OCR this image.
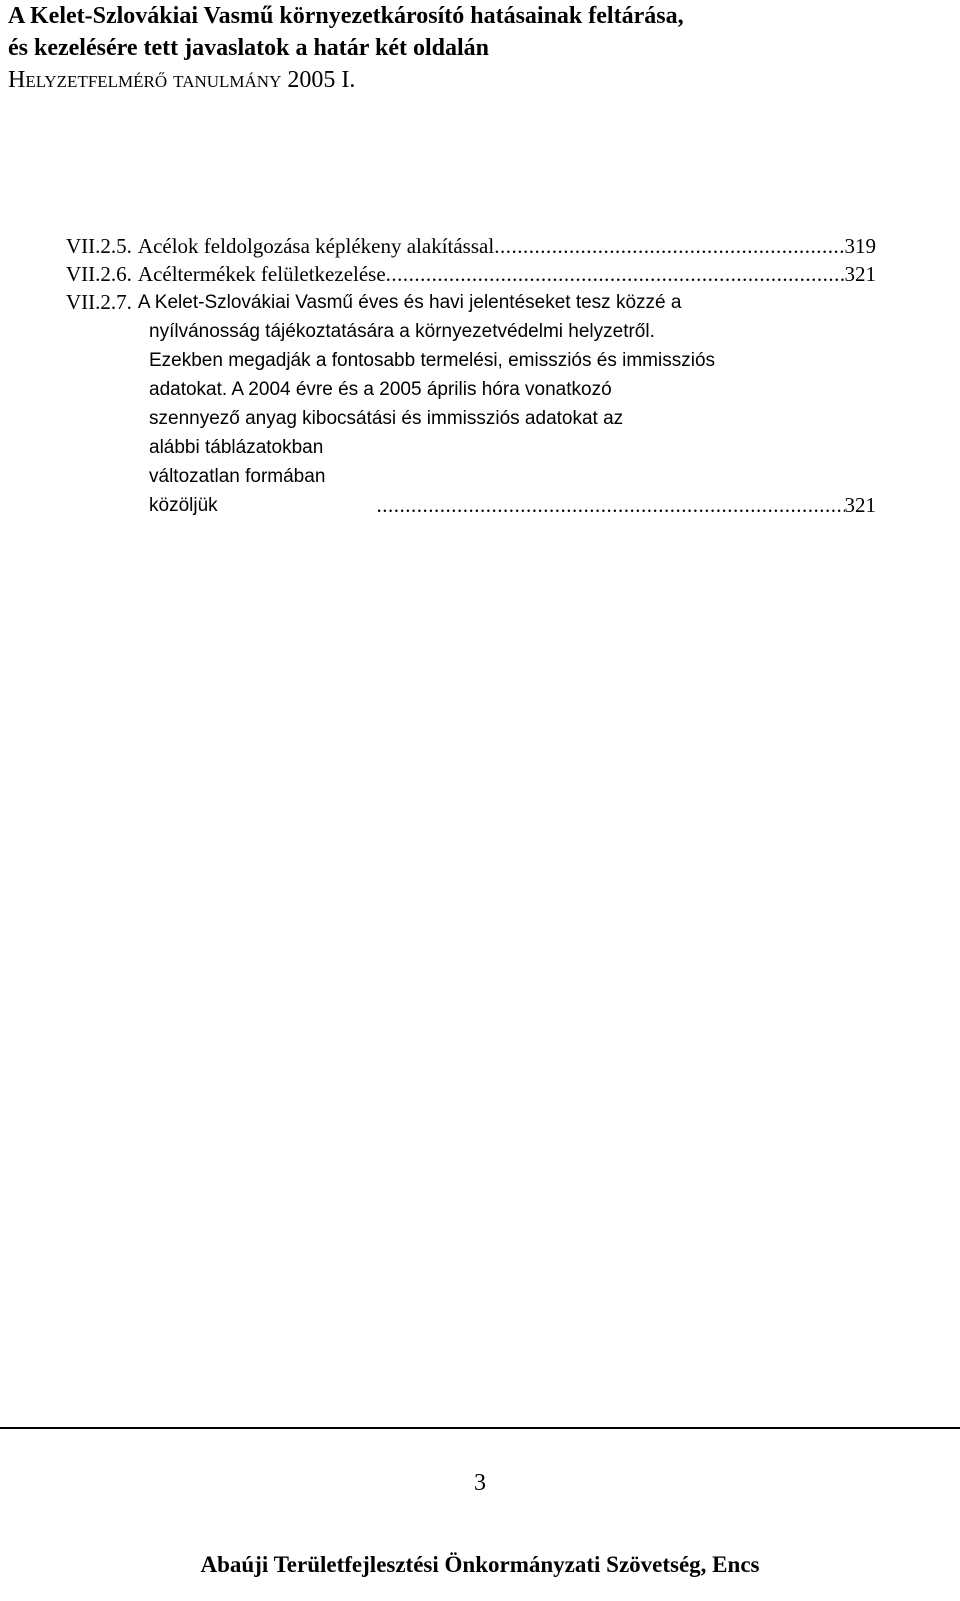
A Kelet-Szlovákiai Vasmű környezetkárosító hatásainak feltárása,
és kezelésére tett javaslatok a határ két oldalán
Helyzetfelmérő tanulmány 2005 I.
VII.2.5. Acélok feldolgozása képlékeny alakítással .....	319
VII.2.6. Acéltermékek felületkezelése .....	321
VII.2.7. A Kelet-Szlovákiai Vasmű éves és havi jelentéseket tesz közzé a
nyílvánosság tájékoztatására a környezetvédelmi helyzetről.
Ezekben megadják a fontosabb termelési, emissziós és immissziós
adatokat. A 2004 évre és a 2005 április hóra vonatkozó
szennyező anyag kibocsátási és immissziós adatokat az
alábbi táblázatokban változatlan formában közöljük .....	321
3
Abaúji Területfejlesztési Önkormányzati Szövetség, Encs
